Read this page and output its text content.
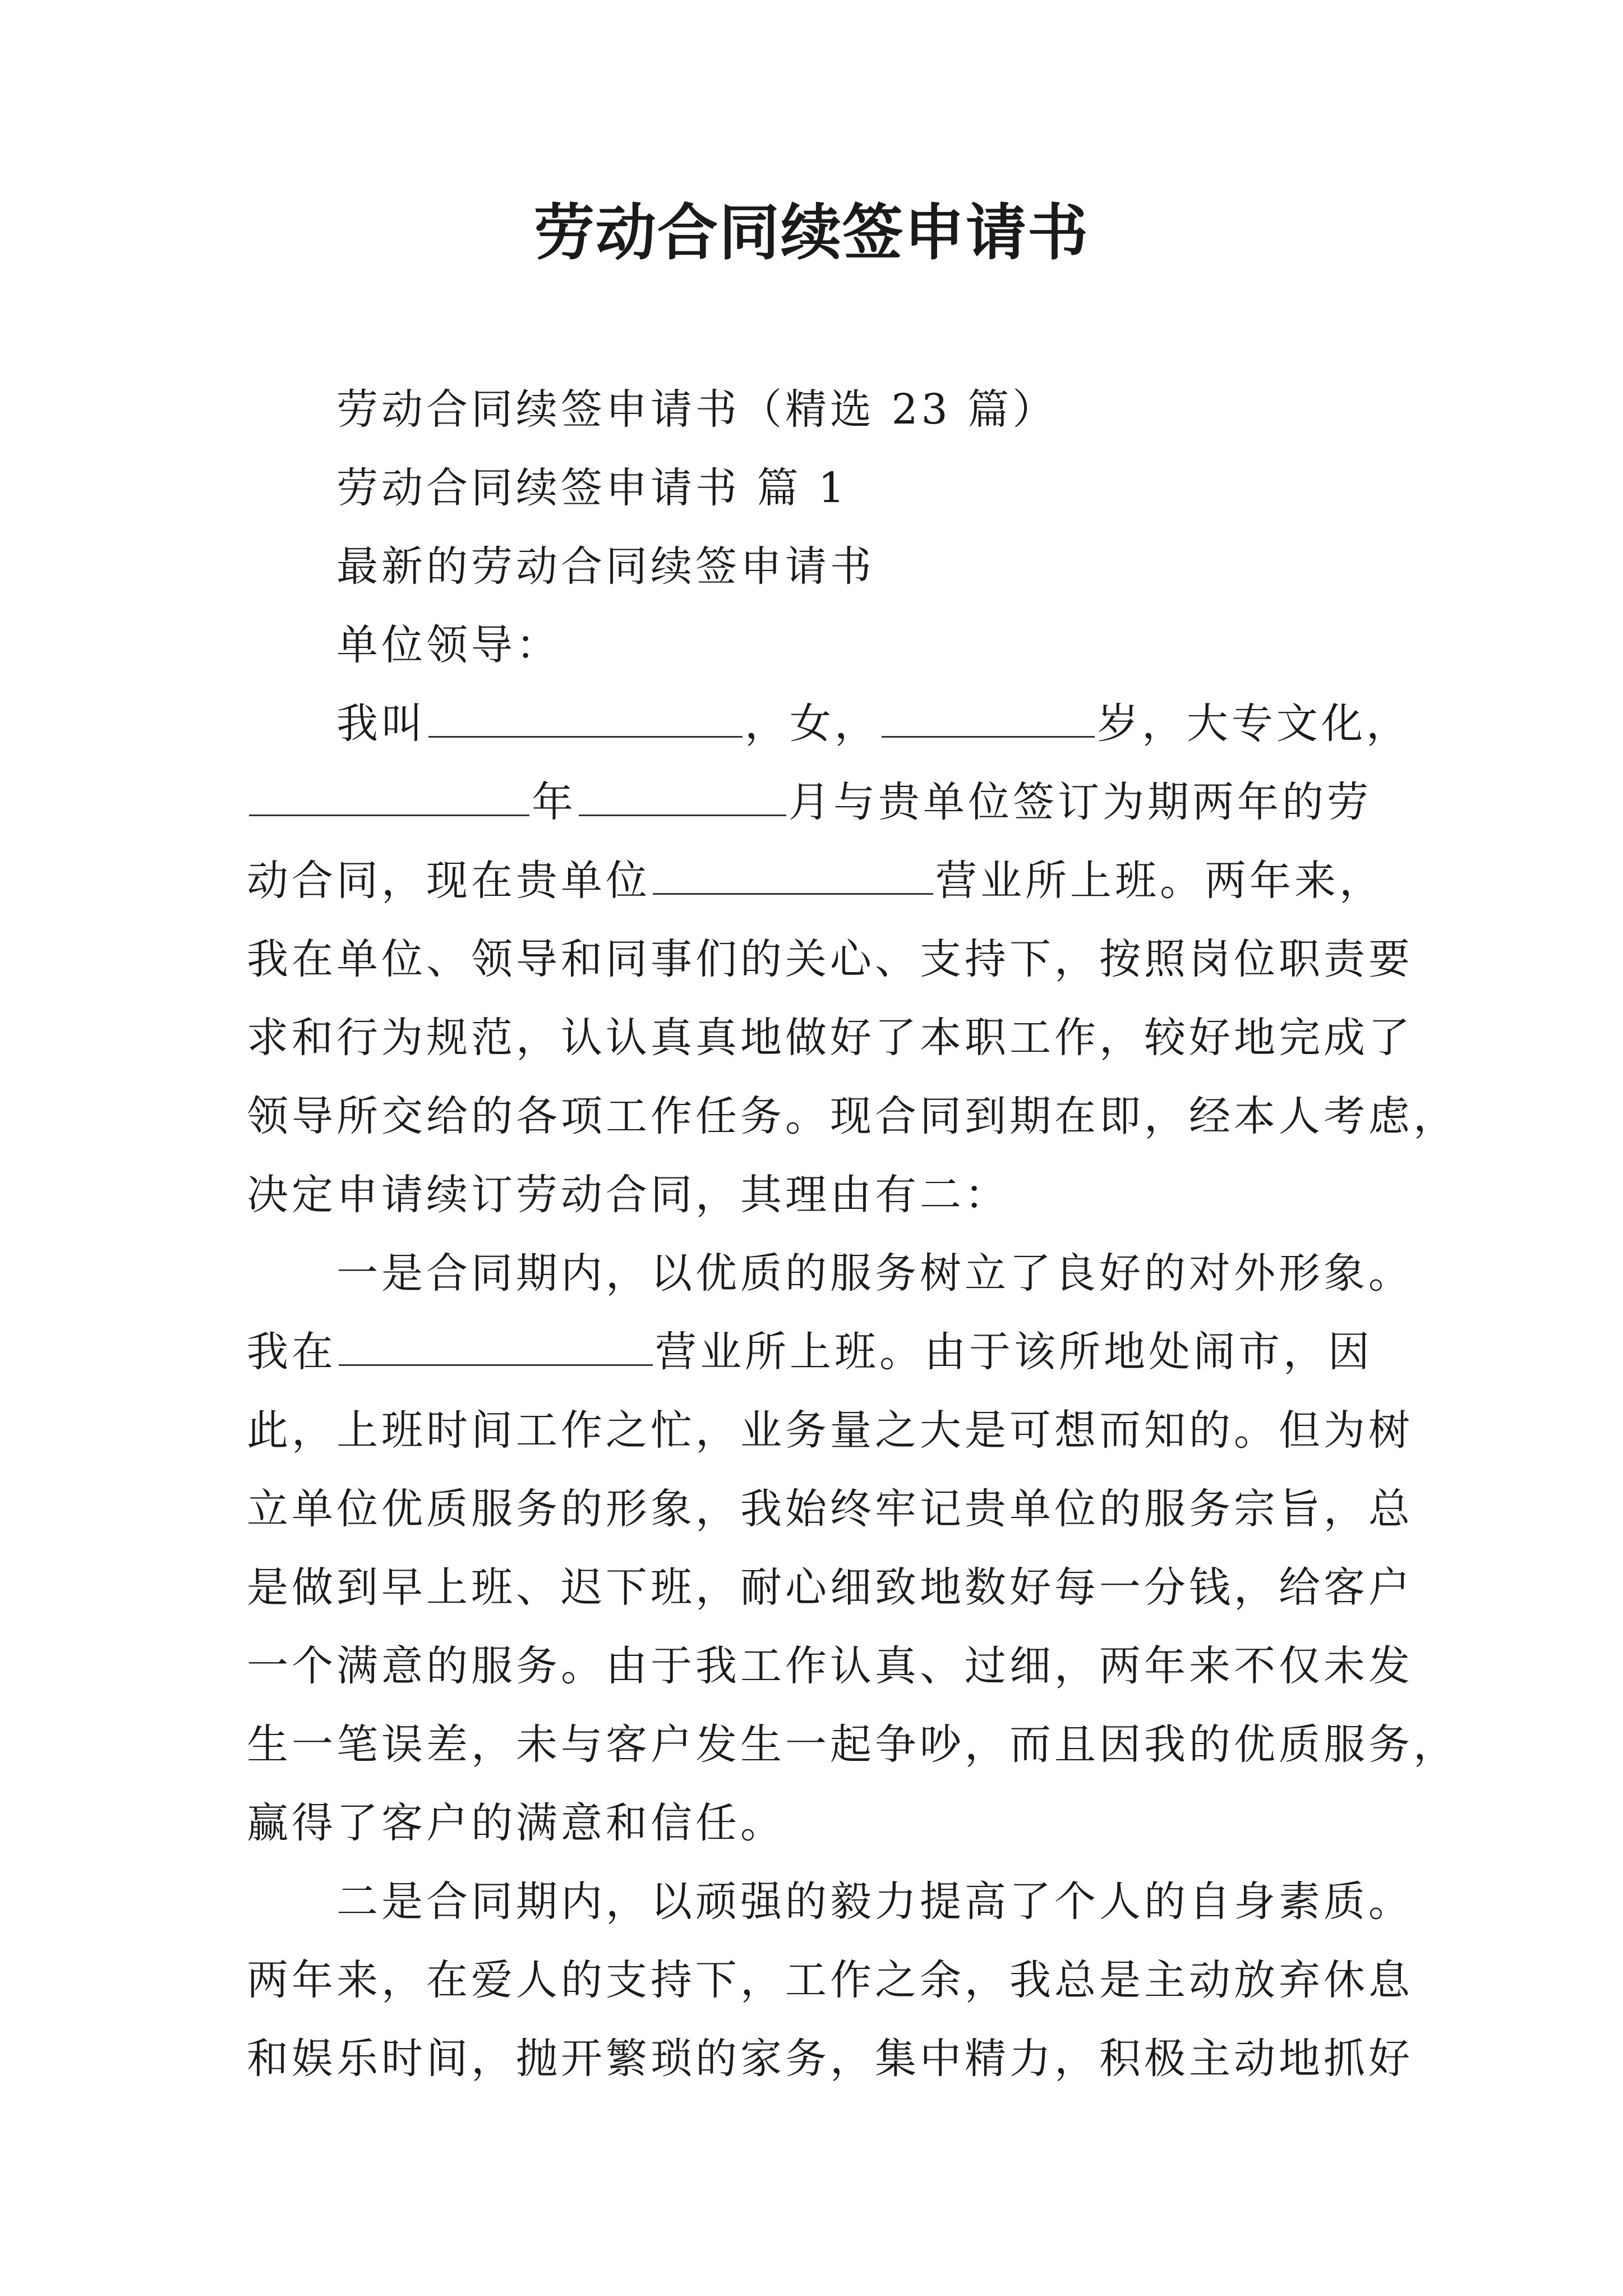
劳动合同续签申请书
劳动合同续签申请书（精选 23 篇）
劳动合同续签申请书 篇 1
最新的劳动合同续签申请书
单位领导：
我叫	，女，	岁，大专文化，
年	月与贵单位签订为期两年的劳
动合同，现在贵单位	营业所上班。两年来，
我在单位、领导和同事们的关心、支持下，按照岗位职责要
求和行为规范，认认真真地做好了本职工作，较好地完成了
领导所交给的各项工作任务。现合同到期在即，经本人考虑，
决定申请续订劳动合同，其理由有二：
一是合同期内，以优质的服务树立了良好的对外形象。
我在	营业所上班。由于该所地处闹市，因
此，上班时间工作之忙，业务量之大是可想而知的。但为树
立单位优质服务的形象，我始终牢记贵单位的服务宗旨，总
是做到早上班、迟下班，耐心细致地数好每一分钱，给客户
一个满意的服务。由于我工作认真、过细，两年来不仅未发
生一笔误差，未与客户发生一起争吵，而且因我的优质服务，
赢得了客户的满意和信任。
二是合同期内，以顽强的毅力提高了个人的自身素质。
两年来，在爱人的支持下，工作之余，我总是主动放弃休息
和娱乐时间，抛开繁琐的家务，集中精力，积极主动地抓好
